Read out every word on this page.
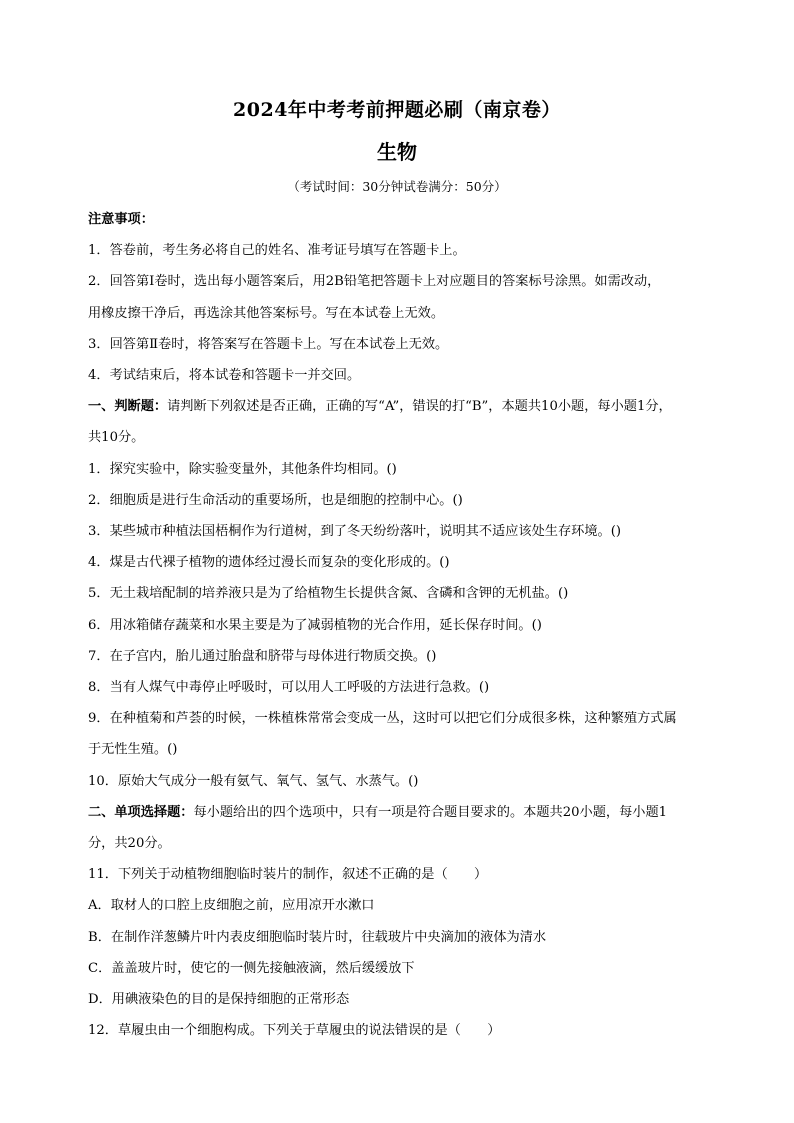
2024年中考考前押题必刷（南京卷）
生物
（考试时间：30分钟试卷满分：50分）
注意事项：
1．答卷前，考生务必将自己的姓名、准考证号填写在答题卡上。
2．回答第Ⅰ卷时，选出每小题答案后，用2B铅笔把答题卡上对应题目的答案标号涂黑。如需改动，
用橡皮擦干净后，再选涂其他答案标号。写在本试卷上无效。
3．回答第Ⅱ卷时，将答案写在答题卡上。写在本试卷上无效。
4．考试结束后，将本试卷和答题卡一并交回。
一、判断题：请判断下列叙述是否正确，正确的写“A”，错误的打“B”，本题共10小题，每小题1分，
共10分。
1．探究实验中，除实验变量外，其他条件均相同。()
2．细胞质是进行生命活动的重要场所，也是细胞的控制中心。()
3．某些城市种植法国梧桐作为行道树，到了冬天纷纷落叶，说明其不适应该处生存环境。()
4．煤是古代裸子植物的遗体经过漫长而复杂的变化形成的。()
5．无土栽培配制的培养液只是为了给植物生长提供含氮、含磷和含钾的无机盐。()
6．用冰箱储存蔬菜和水果主要是为了减弱植物的光合作用，延长保存时间。()
7．在子宫内，胎儿通过胎盘和脐带与母体进行物质交换。()
8．当有人煤气中毒停止呼吸时，可以用人工呼吸的方法进行急救。()
9．在种植菊和芦荟的时候，一株植株常常会变成一丛，这时可以把它们分成很多株，这种繁殖方式属
于无性生殖。()
10．原始大气成分一般有氨气、氧气、氢气、水蒸气。()
二、单项选择题：每小题给出的四个选项中，只有一项是符合题目要求的。本题共20小题，每小题1
分，共20分。
11．下列关于动植物细胞临时装片的制作，叙述不正确的是（　　）
A．取材人的口腔上皮细胞之前，应用凉开水漱口
B．在制作洋葱鳞片叶内表皮细胞临时装片时，往载玻片中央滴加的液体为清水
C．盖盖玻片时，使它的一侧先接触液滴，然后缓缓放下
D．用碘液染色的目的是保持细胞的正常形态
12．草履虫由一个细胞构成。下列关于草履虫的说法错误的是（　　）
